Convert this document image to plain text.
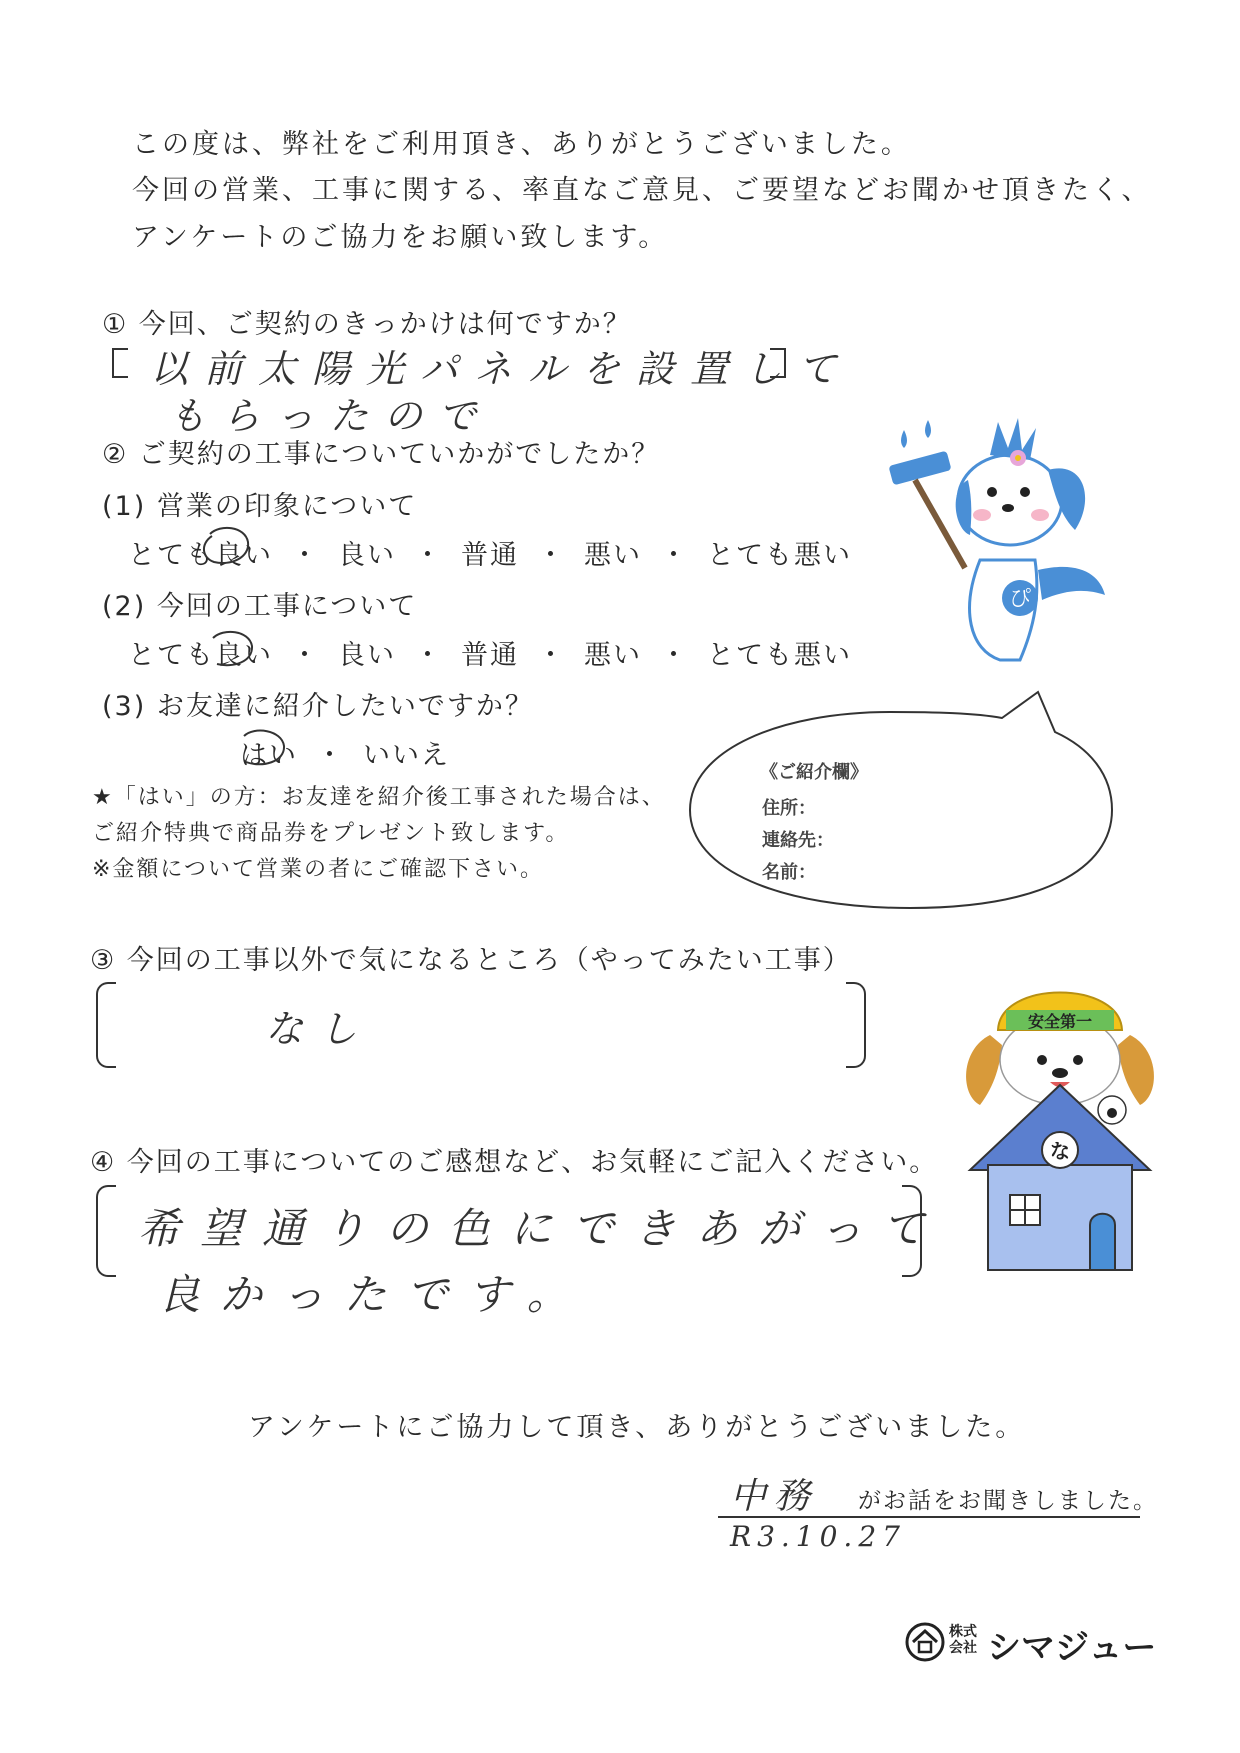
この度は、弊社をご利用頂き、ありがとうございました。
今回の営業、工事に関する、率直なご意見、ご要望などお聞かせ頂きたく、
アンケートのご協力をお願い致します。
① 今回、ご契約のきっかけは何ですか？
以前太陽光パネルを設置して
もらったので
② ご契約の工事についていかがでしたか？
(1) 営業の印象について
とても良い ・ 良い ・ 普通 ・ 悪い ・ とても悪い
(2) 今回の工事について
とても良い ・ 良い ・ 普通 ・ 悪い ・ とても悪い
(3) お友達に紹介したいですか？
はい ・ いいえ
★「はい」の方：お友達を紹介後工事された場合は、
ご紹介特典で商品券をプレゼント致します。
※金額について営業の者にご確認下さい。
《ご紹介欄》
住所：
連絡先：
名前：
③ 今回の工事以外で気になるところ（やってみたい工事）
なし
④ 今回の工事についてのご感想など、お気軽にご記入ください。
希望通りの色にできあがって
良かったです。
アンケートにご協力して頂き、ありがとうございました。
中務 がお話をお聞きしました。
R3.10.27
ぴ
安全第一
な
株式会社 シマジュー
